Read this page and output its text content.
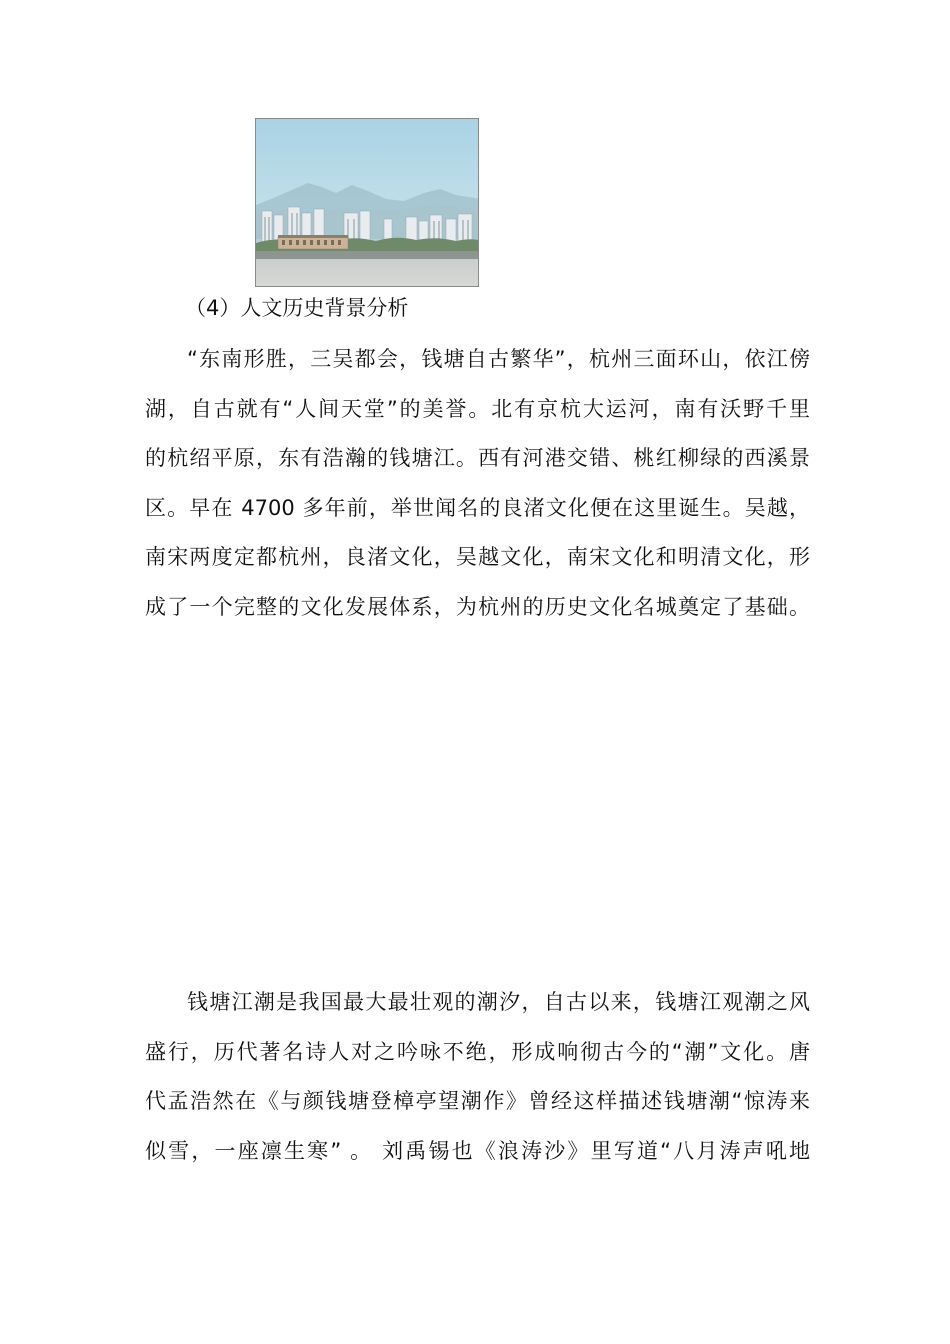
（4）人文历史背景分析
“东南形胜，三吴都会，钱塘自古繁华”，杭州三面环山，依江傍
湖，自古就有“人间天堂”的美誉。北有京杭大运河，南有沃野千里
的杭绍平原，东有浩瀚的钱塘江。西有河港交错、桃红柳绿的西溪景
区。早在 4700 多年前，举世闻名的良渚文化便在这里诞生。吴越，
南宋两度定都杭州，良渚文化，吴越文化，南宋文化和明清文化，形
成了一个完整的文化发展体系，为杭州的历史文化名城奠定了基础。
钱塘江潮是我国最大最壮观的潮汐，自古以来，钱塘江观潮之风
盛行，历代著名诗人对之吟咏不绝，形成响彻古今的“潮”文化。唐
代孟浩然在《与颜钱塘登樟亭望潮作》曾经这样描述钱塘潮“惊涛来
似雪，一座凛生寒” 。 刘禹锡也《浪涛沙》里写道“八月涛声吼地
